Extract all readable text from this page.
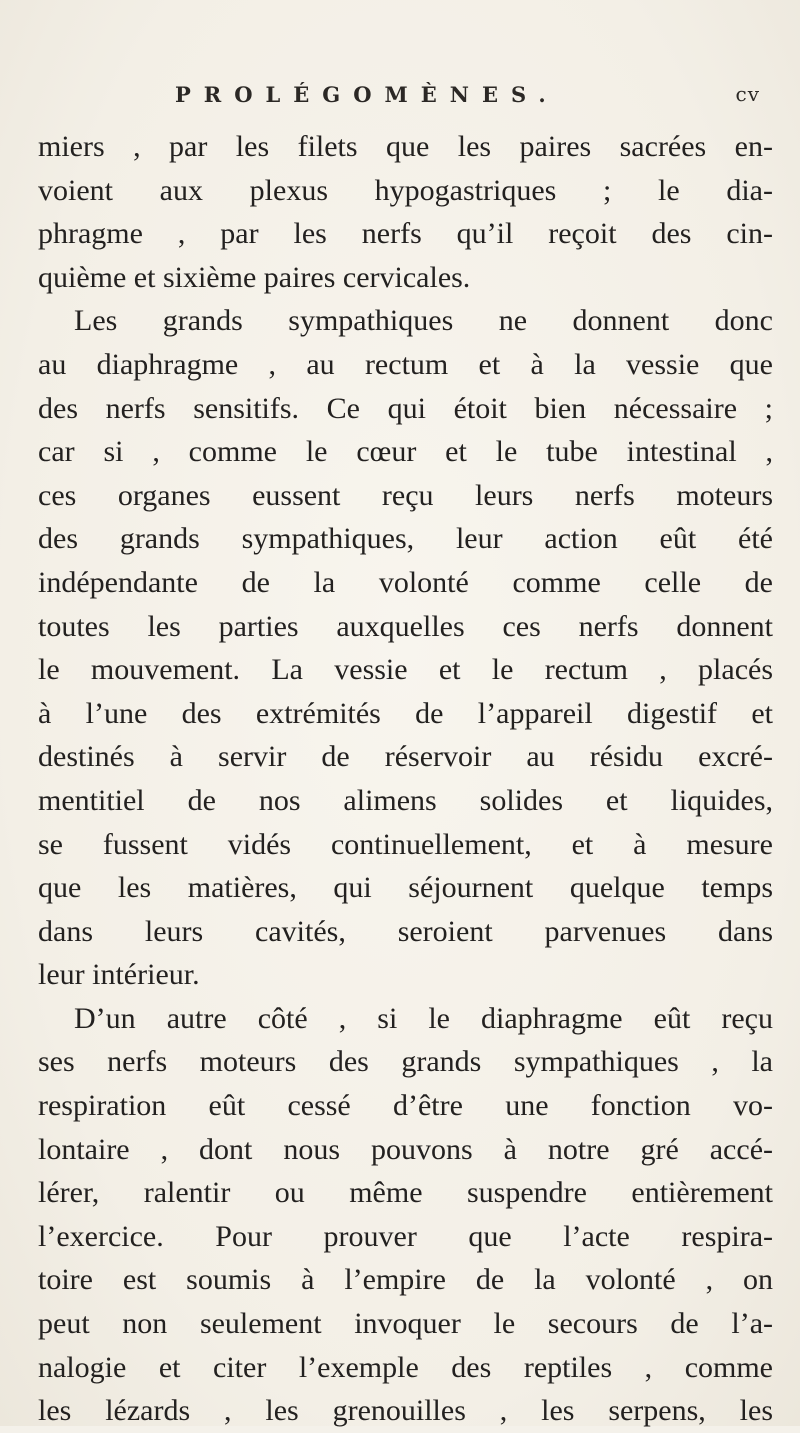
PROLÉGOMÈNES.	cv
miers , par les filets que les paires sacrées en-
voient aux plexus hypogastriques ; le dia-
phragme , par les nerfs qu’il reçoit des cin-
quième et sixième paires cervicales.
Les grands sympathiques ne donnent donc
au diaphragme , au rectum et à la vessie que
des nerfs sensitifs. Ce qui étoit bien nécessaire ;
car si , comme le cœur et le tube intestinal ,
ces organes eussent reçu leurs nerfs moteurs
des grands sympathiques, leur action eût été
indépendante de la volonté comme celle de
toutes les parties auxquelles ces nerfs donnent
le mouvement. La vessie et le rectum , placés
à l’une des extrémités de l’appareil digestif et
destinés à servir de réservoir au résidu excré-
mentitiel de nos alimens solides et liquides,
se fussent vidés continuellement, et à mesure
que les matières, qui séjournent quelque temps
dans leurs cavités, seroient parvenues dans
leur intérieur.
D’un autre côté , si le diaphragme eût reçu
ses nerfs moteurs des grands sympathiques , la
respiration eût cessé d’être une fonction vo-
lontaire , dont nous pouvons à notre gré accé-
lérer, ralentir ou même suspendre entièrement
l’exercice. Pour prouver que l’acte respira-
toire est soumis à l’empire de la volonté , on
peut non seulement invoquer le secours de l’a-
nalogie et citer l’exemple des reptiles , comme
les lézards , les grenouilles , les serpens, les
